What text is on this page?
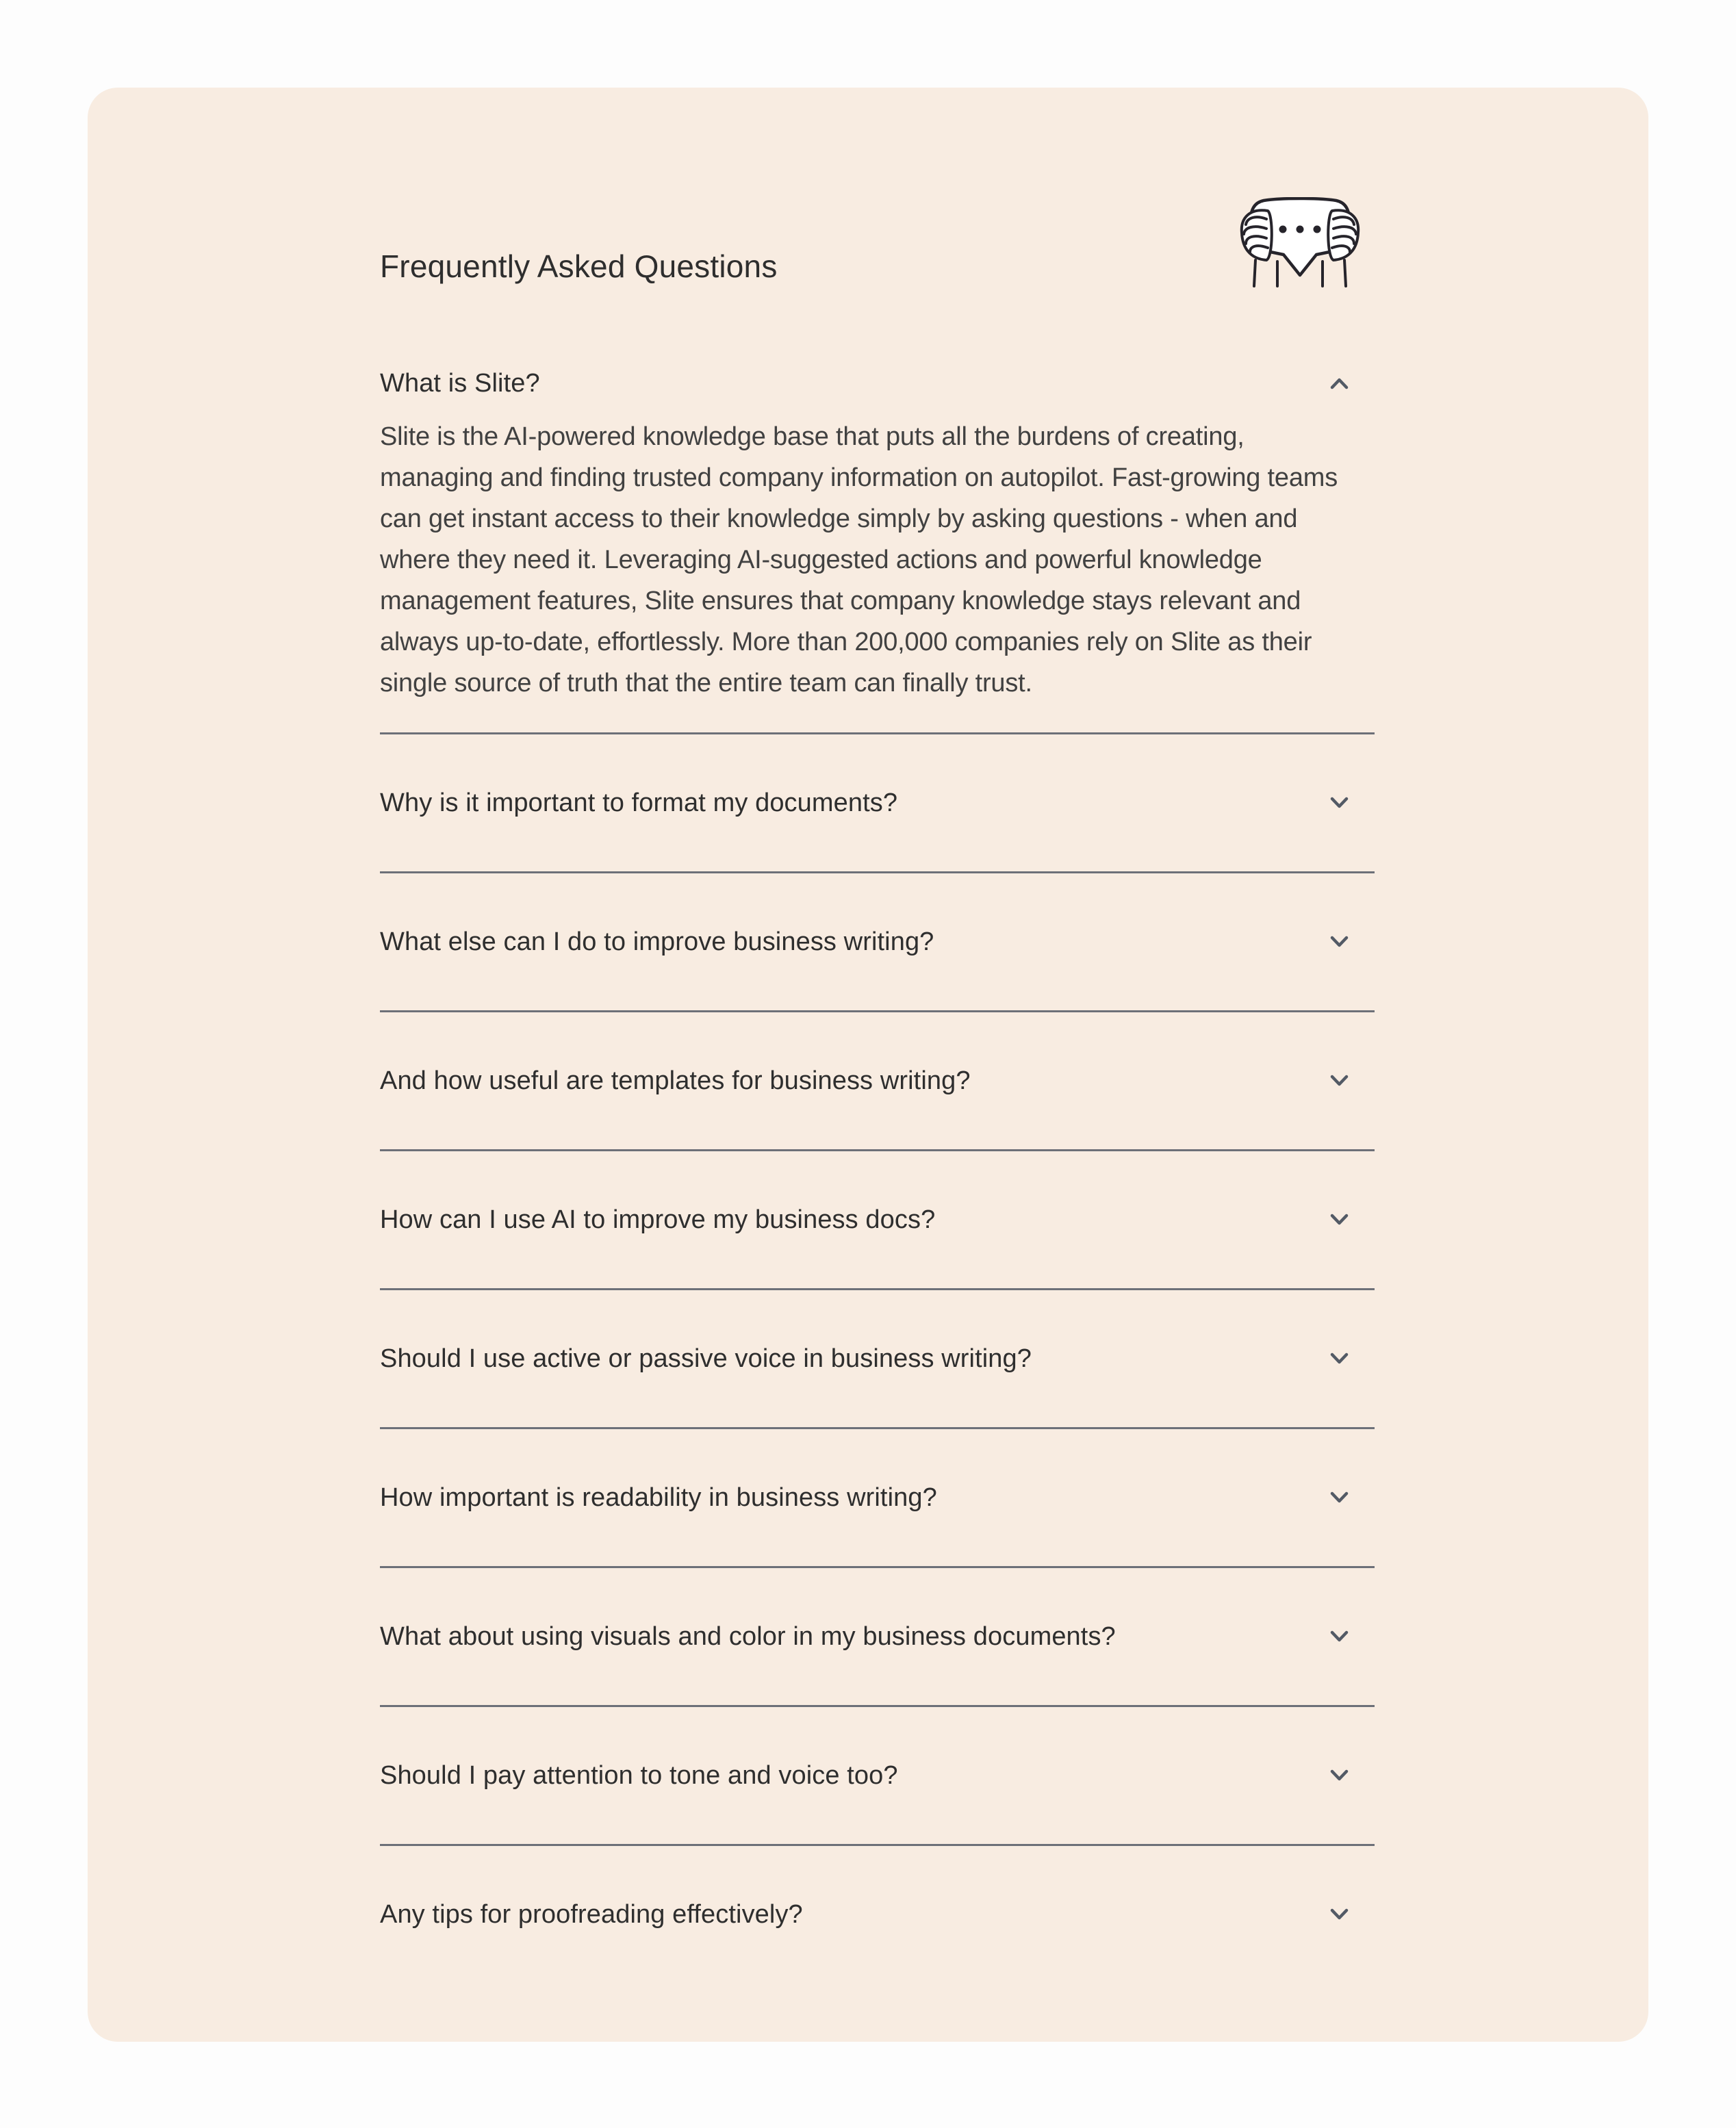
Frequently Asked Questions
What is Slite?

Slite is the AI-powered knowledge base that puts all the burdens of creating, managing and finding trusted company information on autopilot. Fast-growing teams can get instant access to their knowledge simply by asking questions - when and where they need it. Leveraging AI-suggested actions and powerful knowledge management features, Slite ensures that company knowledge stays relevant and always up-to-date, effortlessly. More than 200,000 companies rely on Slite as their single source of truth that the entire team can finally trust.

Why is it important to format my documents?
What else can I do to improve business writing?
And how useful are templates for business writing?
How can I use AI to improve my business docs?
Should I use active or passive voice in business writing?
How important is readability in business writing?
What about using visuals and color in my business documents?
Should I pay attention to tone and voice too?
Any tips for proofreading effectively?
